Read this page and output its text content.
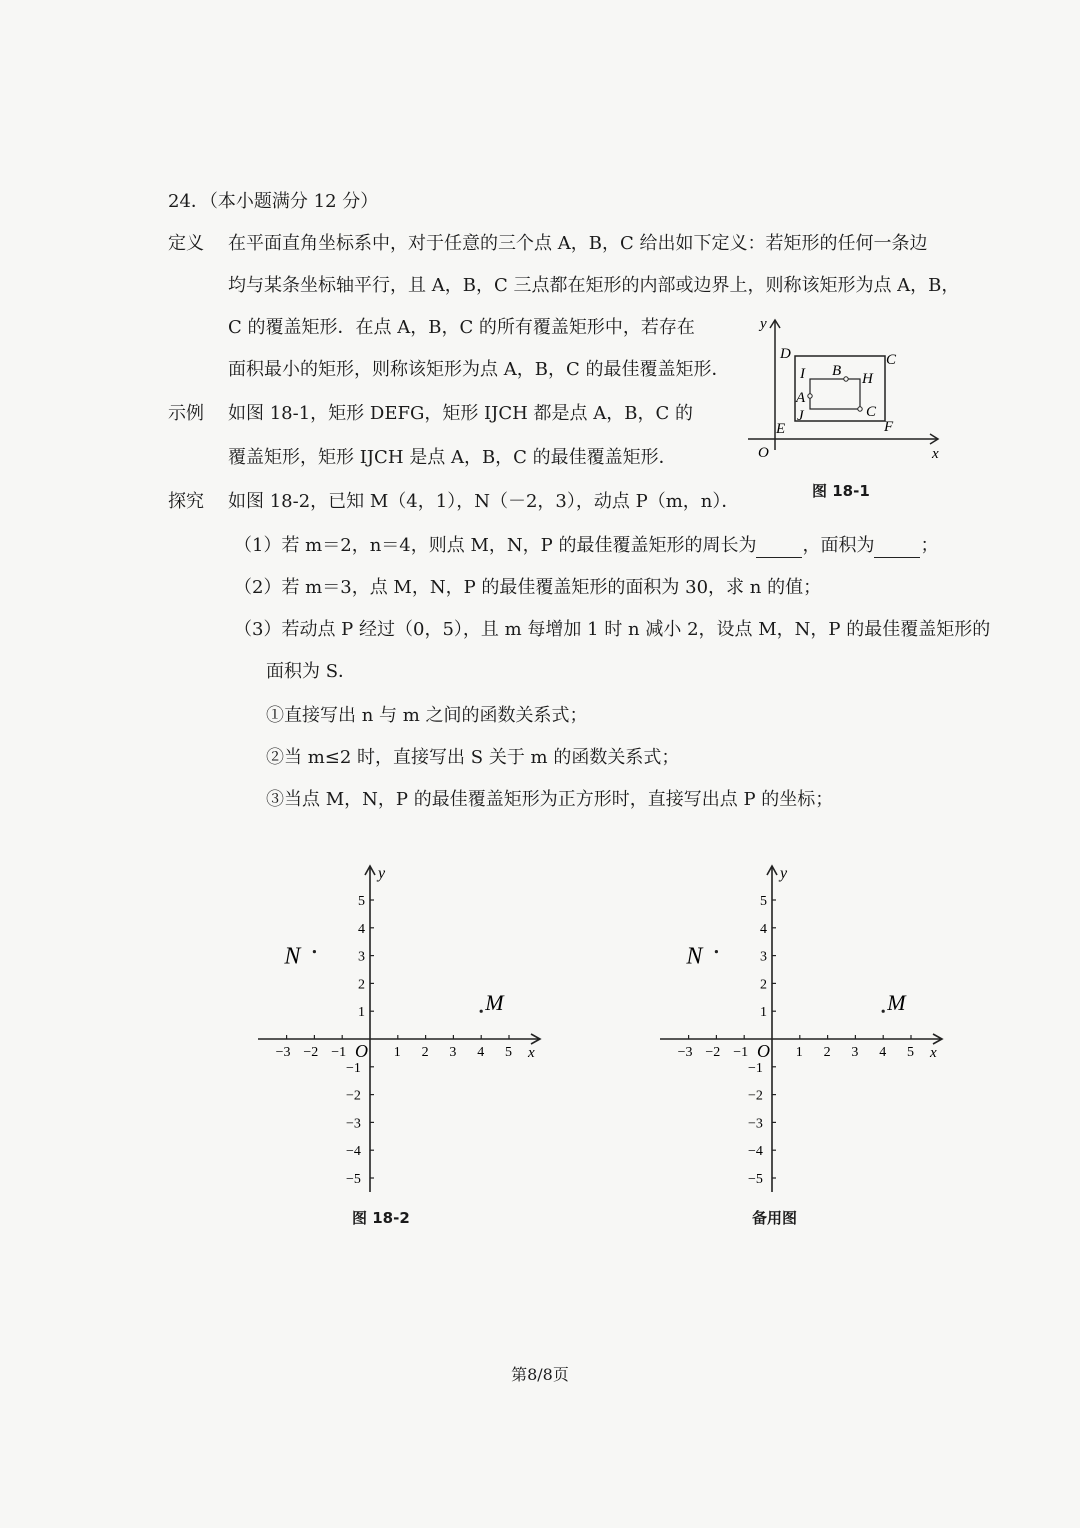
24．（本小题满分 12 分）
定义 在平面直角坐标系中，对于任意的三个点 A，B，C 给出如下定义：若矩形的任何一条边
均与某条坐标轴平行，且 A，B，C 三点都在矩形的内部或边界上，则称该矩形为点 A，B，
C 的覆盖矩形．在点 A，B，C 的所有覆盖矩形中，若存在
面积最小的矩形，则称该矩形为点 A，B，C 的最佳覆盖矩形．
示例 如图 18-1，矩形 DEFG，矩形 IJCH 都是点 A，B，C 的
覆盖矩形，矩形 IJCH 是点 A，B，C 的最佳覆盖矩形．
y
x
O
D	C
I B H
A
J	C
E	F
图 18-1
探究 如图 18-2，已知 M（4，1），N（－2，3），动点 P（m，n）．
（1）若 m＝2，n＝4，则点 M，N，P 的最佳覆盖矩形的周长为	，面积为	；
（2）若 m＝3，点 M，N，P 的最佳覆盖矩形的面积为 30，求 n 的值；
（3）若动点 P 经过（0，5），且 m 每增加 1 时 n 减小 2，设点 M，N，P 的最佳覆盖矩形的
面积为 S．
①直接写出 n 与 m 之间的函数关系式；
②当 m≤2 时，直接写出 S 关于 m 的函数关系式；
③当点 M，N，P 的最佳覆盖矩形为正方形时，直接写出点 P 的坐标；
−3 −2 −1	1 2 3 4 5
5
4
3
2
1
−1
−2
−3
−4
−5
y
x
O
N
M
图 18-2
−3 −2 −1	1 2 3 4 5
5
4
3
2
1
−1
−2
−3
−4
−5
y
x
O
N
M
备用图
第8/8页
